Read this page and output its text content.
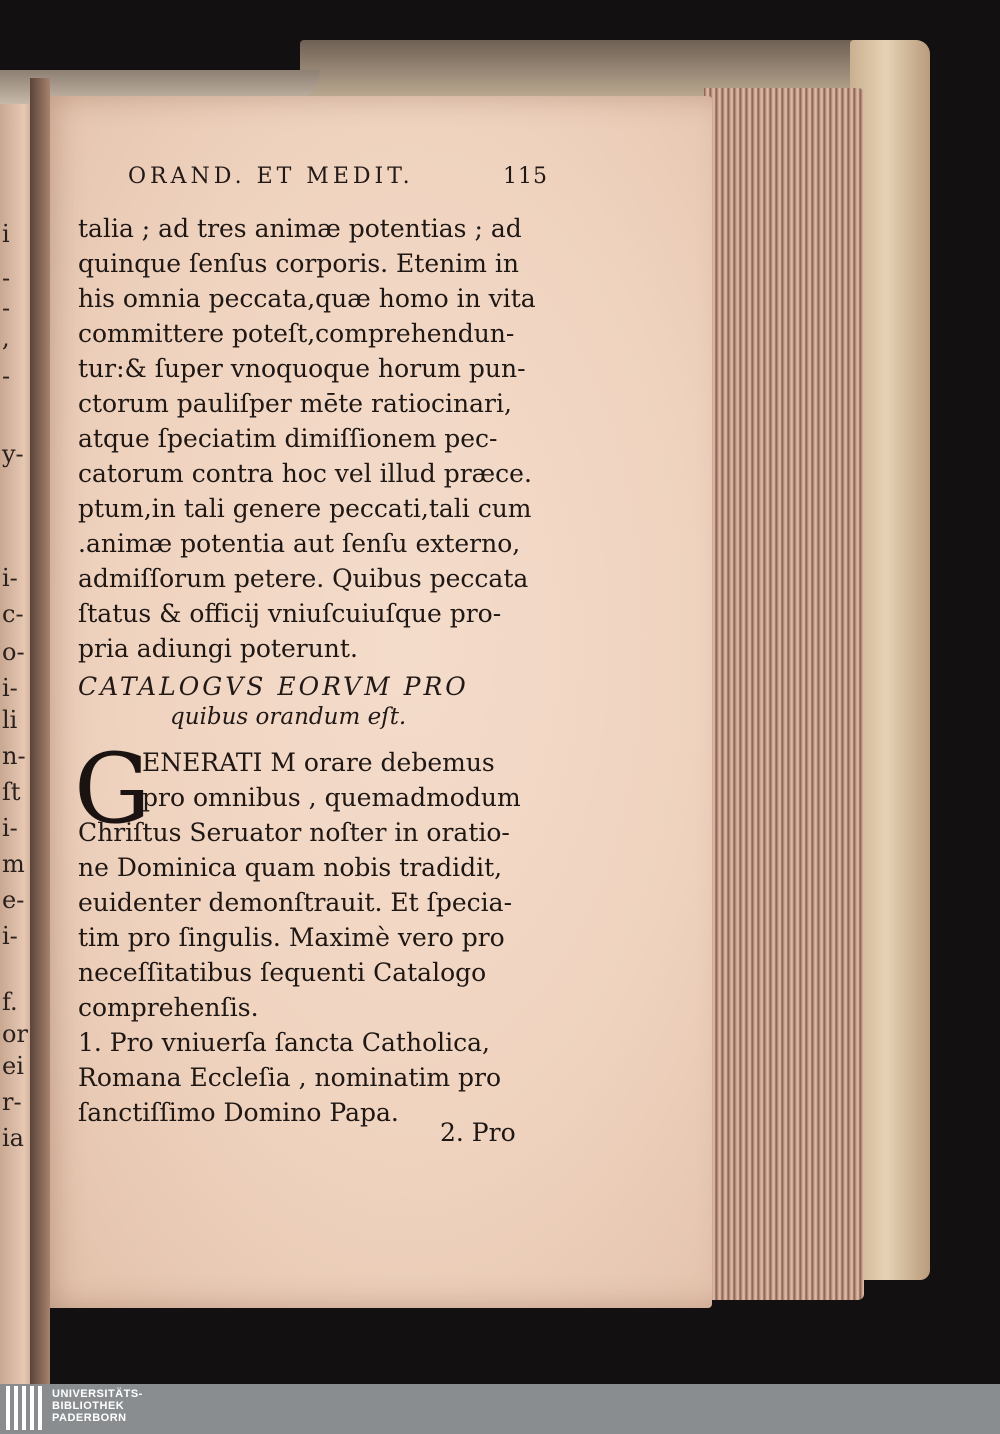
i
-
-
,
-
y-
i-
c-
o-
i-
li
n-
ſt
i-
m
e-
i-
f.
or
ei
r-
ia
ORAND. ET MEDIT.	115
talia ; ad tres animæ potentias ; ad
quinque ſenſus corporis. Etenim in
his omnia peccata,quæ homo in vita
committere poteſt,comprehendun-
tur:& ſuper vnoquoque horum pun-
ctorum pauliſper mēte ratiocinari,
atque ſpeciatim dimiſſionem pec-
catorum contra hoc vel illud præce.
ptum,in tali genere peccati,tali cum
.animæ potentia aut ſenſu externo,
admiſſorum petere. Quibus peccata
ſtatus & officij vniuſcuiuſque pro-
pria adiungi poterunt.
CATALOGVS EORVM PRO
quibus orandum eſt.
G
ENERATI M orare debemus
pro omnibus , quemadmodum
Chriſtus Seruator noſter in oratio-
ne Dominica quam nobis tradidit,
euidenter demonſtrauit. Et ſpecia-
tim pro ſingulis. Maximè vero pro
neceſſitatibus ſequenti Catalogo
comprehenſis.
1. Pro vniuerſa ſancta Catholica,
Romana Eccleſia , nominatim pro
ſanctiſſimo Domino Papa.
2. Pro
UNIVERSITÄTS-
BIBLIOTHEK
PADERBORN
